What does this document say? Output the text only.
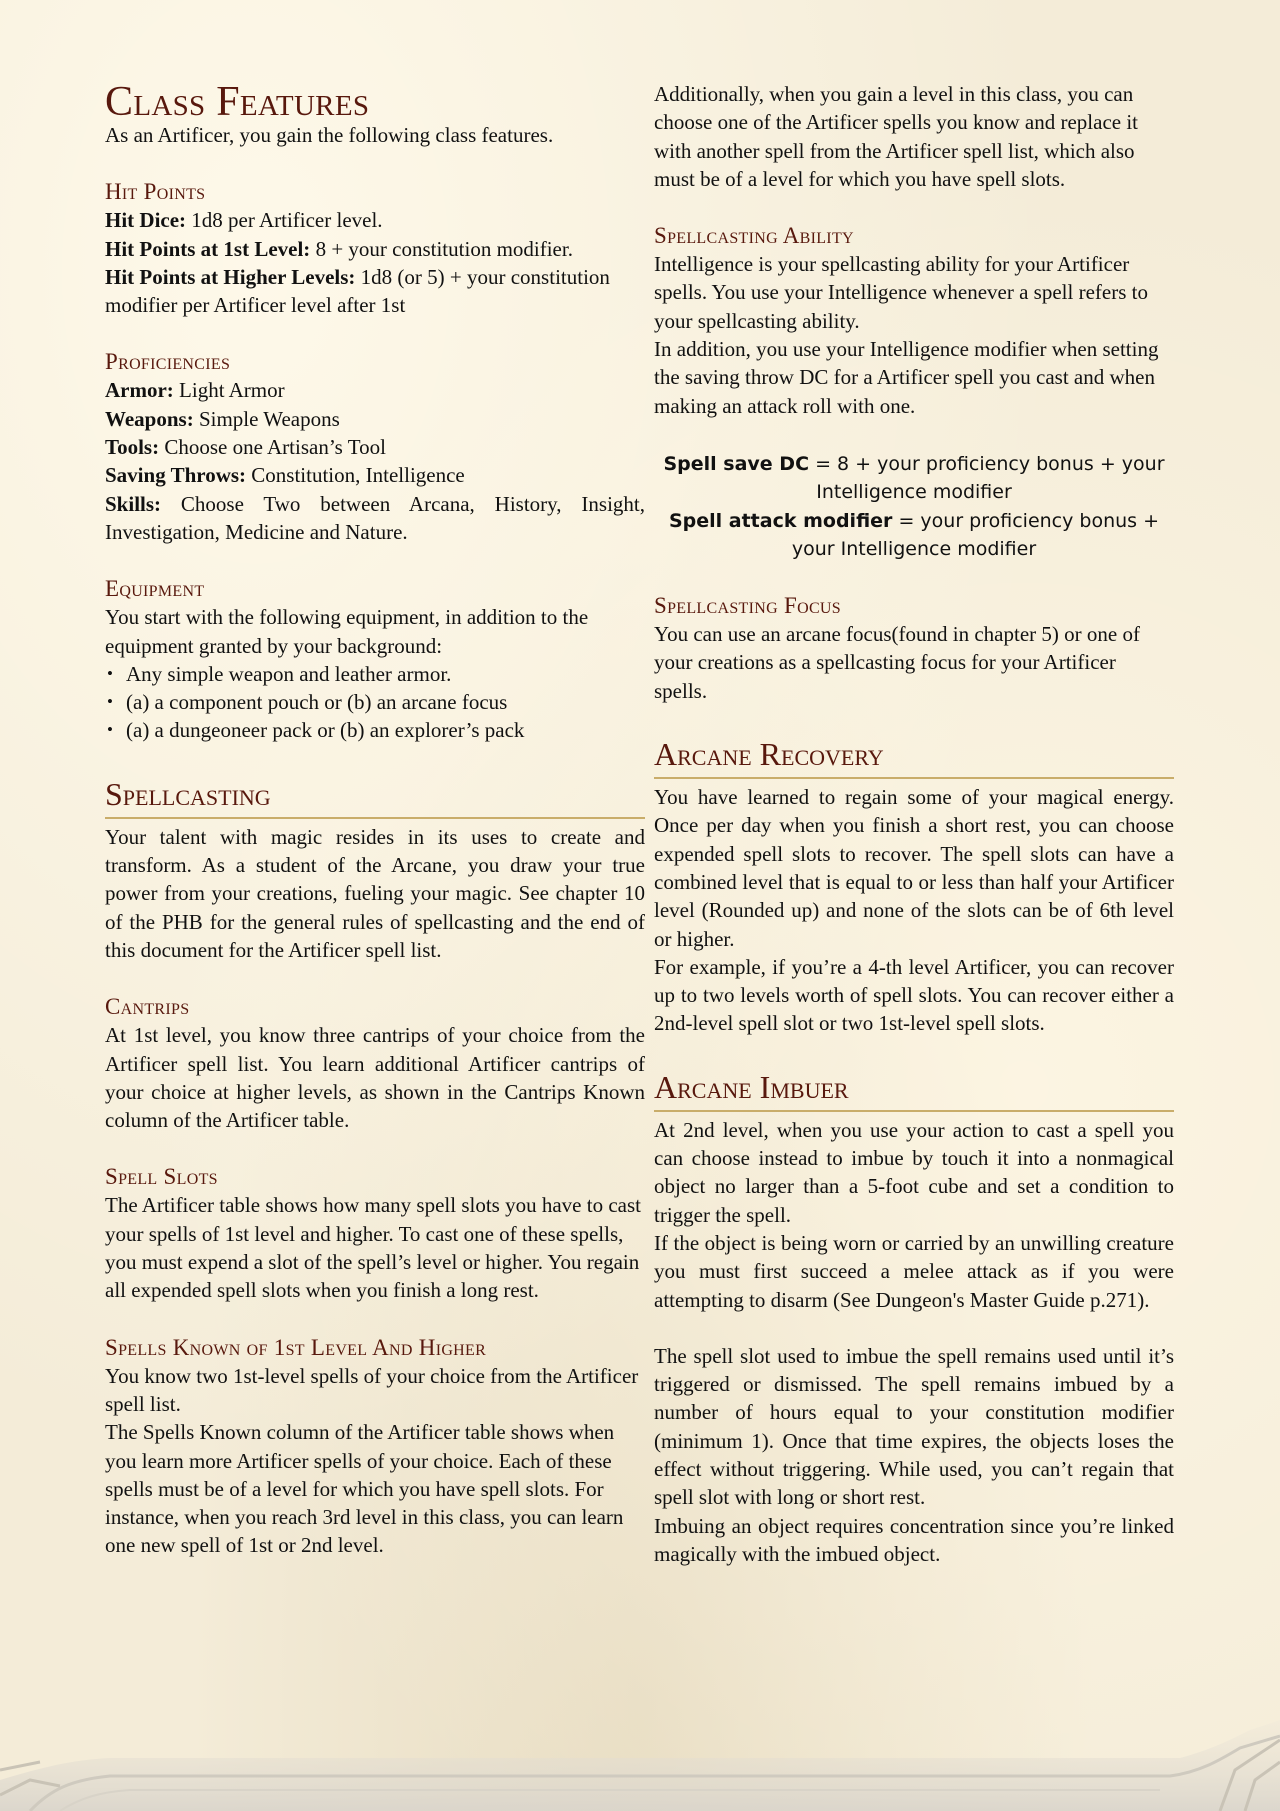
Class Features

As an Artificer, you gain the following class features.

Hit Points

Hit Dice: 1d8 per Artificer level.

Hit Points at 1st Level: 8 + your constitution modifier.

Hit Points at Higher Levels: 1d8 (or 5) + your constitution modifier per Artificer level after 1st

Proficiencies

Armor: Light Armor

Weapons: Simple Weapons

Tools: Choose one Artisan’s Tool

Saving Throws: Constitution, Intelligence

Skills: Choose Two between Arcana, History, Insight, Investigation, Medicine and Nature.

Equipment

You start with the following equipment, in addition to the equipment granted by your background:

• Any simple weapon and leather armor.
• (a) a component pouch or (b) an arcane focus
• (a) a dungeoneer pack or (b) an explorer’s pack
Spellcasting

Your talent with magic resides in its uses to create and transform. As a student of the Arcane, you draw your true power from your creations, fueling your magic. See chapter 10 of the PHB for the general rules of spellcasting and the end of this document for the Artificer spell list.

Cantrips

At 1st level, you know three cantrips of your choice from the Artificer spell list. You learn additional Artificer cantrips of your choice at higher levels, as shown in the Cantrips Known column of the Artificer table.

Spell Slots

The Artificer table shows how many spell slots you have to cast your spells of 1st level and higher. To cast one of these spells, you must expend a slot of the spell’s level or higher. You regain all expended spell slots when you finish a long rest.

Spells Known of 1st Level And Higher

You know two 1st-level spells of your choice from the Artificer spell list.

The Spells Known column of the Artificer table shows when you learn more Artificer spells of your choice. Each of these spells must be of a level for which you have spell slots. For instance, when you reach 3rd level in this class, you can learn one new spell of 1st or 2nd level.

Additionally, when you gain a level in this class, you can choose one of the Artificer spells you know and replace it with another spell from the Artificer spell list, which also must be of a level for which you have spell slots.

Spellcasting Ability

Intelligence is your spellcasting ability for your Artificer spells. You use your Intelligence whenever a spell refers to your spellcasting ability.

In addition, you use your Intelligence modifier when setting the saving throw DC for a Artificer spell you cast and when making an attack roll with one.

Spell save DC = 8 + your proficiency bonus + your Intelligence modifier
Spell attack modifier = your proficiency bonus + your Intelligence modifier
Spellcasting Focus

You can use an arcane focus(found in chapter 5) or one of your creations as a spellcasting focus for your Artificer spells.

Arcane Recovery

You have learned to regain some of your magical energy. Once per day when you finish a short rest, you can choose expended spell slots to recover. The spell slots can have a combined level that is equal to or less than half your Artificer level (Rounded up) and none of the slots can be of 6th level or higher.

For example, if you’re a 4-th level Artificer, you can recover up to two levels worth of spell slots. You can recover either a 2nd-level spell slot or two 1st-level spell slots.

Arcane Imbuer

At 2nd level, when you use your action to cast a spell you can choose instead to imbue by touch it into a nonmagical object no larger than a 5-foot cube and set a condition to trigger the spell.

If the object is being worn or carried by an unwilling creature you must first succeed a melee attack as if you were attempting to disarm (See Dungeon's Master Guide p.271).

The spell slot used to imbue the spell remains used until it’s triggered or dismissed. The spell remains imbued by a number of hours equal to your constitution modifier (minimum 1). Once that time expires, the objects loses the effect without triggering. While used, you can’t regain that spell slot with long or short rest.

Imbuing an object requires concentration since you’re linked magically with the imbued object.
